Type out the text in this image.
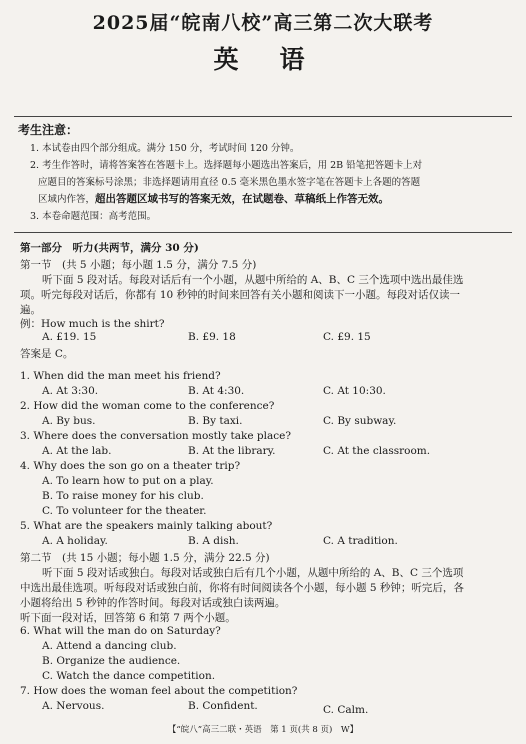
2025届“皖南八校”高三第二次大联考
英　语
考生注意：
1. 本试卷由四个部分组成。满分 150 分，考试时间 120 分钟。
2. 考生作答时，请将答案答在答题卡上。选择题每小题选出答案后，用 2B 铅笔把答题卡上对
应题目的答案标号涂黑；非选择题请用直径 0.5 毫米黑色墨水签字笔在答题卡上各题的答题
区域内作答，超出答题区域书写的答案无效，在试题卷、草稿纸上作答无效。
3. 本卷命题范围：高考范围。
第一部分　听力(共两节，满分 30 分)
第一节　(共 5 小题；每小题 1.5 分，满分 7.5 分)
听下面 5 段对话。每段对话后有一个小题，从题中所给的 A、B、C 三个选项中选出最佳选
项。听完每段对话后，你都有 10 秒钟的时间来回答有关小题和阅读下一小题。每段对话仅读一
遍。
例：How much is the shirt?
A. £19. 15	B. £9. 18	C. £9. 15
答案是 C。
1. When did the man meet his friend?
A. At 3:30.	B. At 4:30.	C. At 10:30.
2. How did the woman come to the conference?
A. By bus.	B. By taxi.	C. By subway.
3. Where does the conversation mostly take place?
A. At the lab.	B. At the library.	C. At the classroom.
4. Why does the son go on a theater trip?
A. To learn how to put on a play.
B. To raise money for his club.
C. To volunteer for the theater.
5. What are the speakers mainly talking about?
A. A holiday.	B. A dish.	C. A tradition.
第二节　(共 15 小题；每小题 1.5 分，满分 22.5 分)
听下面 5 段对话或独白。每段对话或独白后有几个小题，从题中所给的 A、B、C 三个选项
中选出最佳选项。听每段对话或独白前，你将有时间阅读各个小题，每小题 5 秒钟；听完后，各
小题将给出 5 秒钟的作答时间。每段对话或独白读两遍。
听下面一段对话，回答第 6 和第 7 两个小题。
6. What will the man do on Saturday?
A. Attend a dancing club.
B. Organize the audience.
C. Watch the dance competition.
7. How does the woman feel about the competition?
A. Nervous.	B. Confident.	C. Calm.
【“皖八”高三二联・英语　第 1 页(共 8 页)　W】
